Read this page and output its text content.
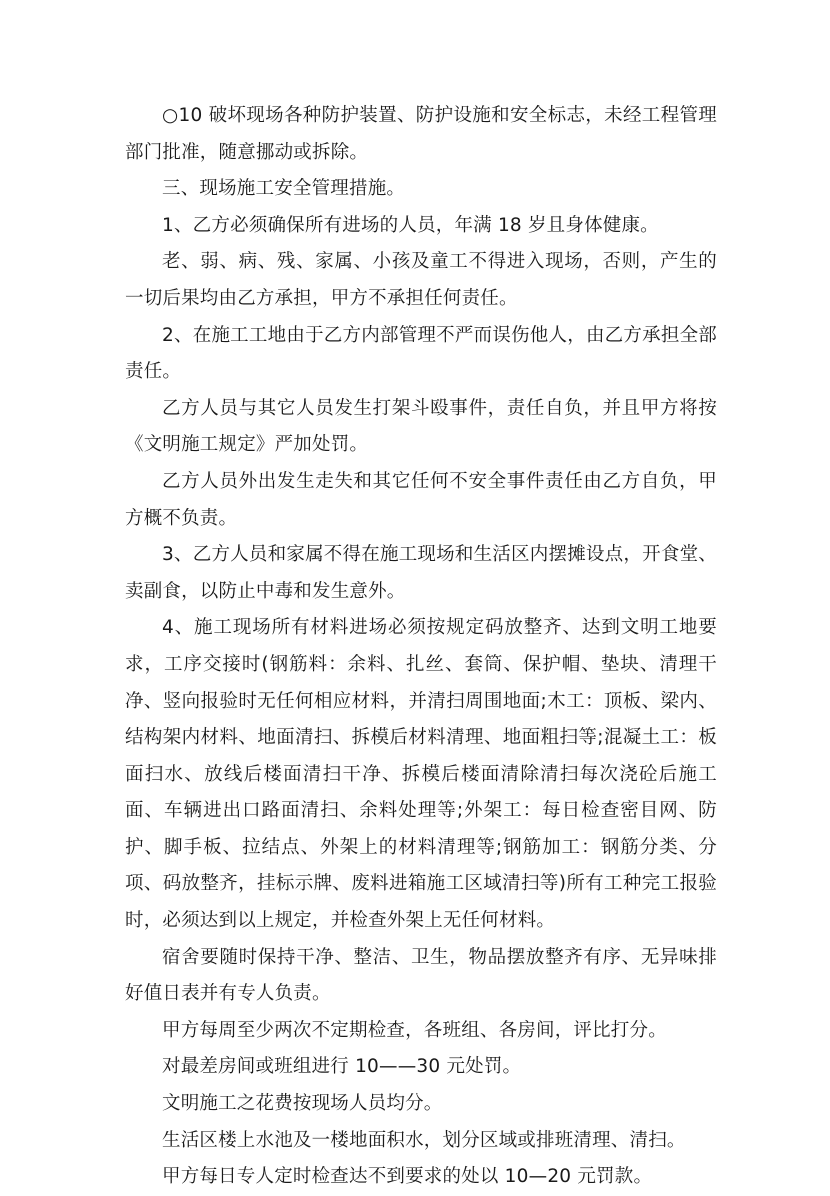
○10 破坏现场各种防护装置、防护设施和安全标志，未经工程管理部门批准，随意挪动或拆除。

三、现场施工安全管理措施。

1、乙方必须确保所有进场的人员，年满 18 岁且身体健康。

老、弱、病、残、家属、小孩及童工不得进入现场，否则，产生的一切后果均由乙方承担，甲方不承担任何责任。

2、在施工工地由于乙方内部管理不严而误伤他人，由乙方承担全部责任。

乙方人员与其它人员发生打架斗殴事件，责任自负，并且甲方将按《文明施工规定》严加处罚。

乙方人员外出发生走失和其它任何不安全事件责任由乙方自负，甲方概不负责。

3、乙方人员和家属不得在施工现场和生活区内摆摊设点，开食堂、卖副食，以防止中毒和发生意外。

4、施工现场所有材料进场必须按规定码放整齐、达到文明工地要求，工序交接时(钢筋料：余料、扎丝、套筒、保护帽、垫块、清理干净、竖向报验时无任何相应材料，并清扫周围地面;木工：顶板、梁内、结构架内材料、地面清扫、拆模后材料清理、地面粗扫等;混凝土工：板面扫水、放线后楼面清扫干净、拆模后楼面清除清扫每次浇砼后施工面、车辆进出口路面清扫、余料处理等;外架工：每日检查密目网、防护、脚手板、拉结点、外架上的材料清理等;钢筋加工：钢筋分类、分项、码放整齐，挂标示牌、废料进箱施工区域清扫等)所有工种完工报验时，必须达到以上规定，并检查外架上无任何材料。

宿舍要随时保持干净、整洁、卫生，物品摆放整齐有序、无异味排好值日表并有专人负责。

甲方每周至少两次不定期检查，各班组、各房间，评比打分。

对最差房间或班组进行 10——30 元处罚。

文明施工之花费按现场人员均分。

生活区楼上水池及一楼地面积水，划分区域或排班清理、清扫。

甲方每日专人定时检查达不到要求的处以 10—20 元罚款。
